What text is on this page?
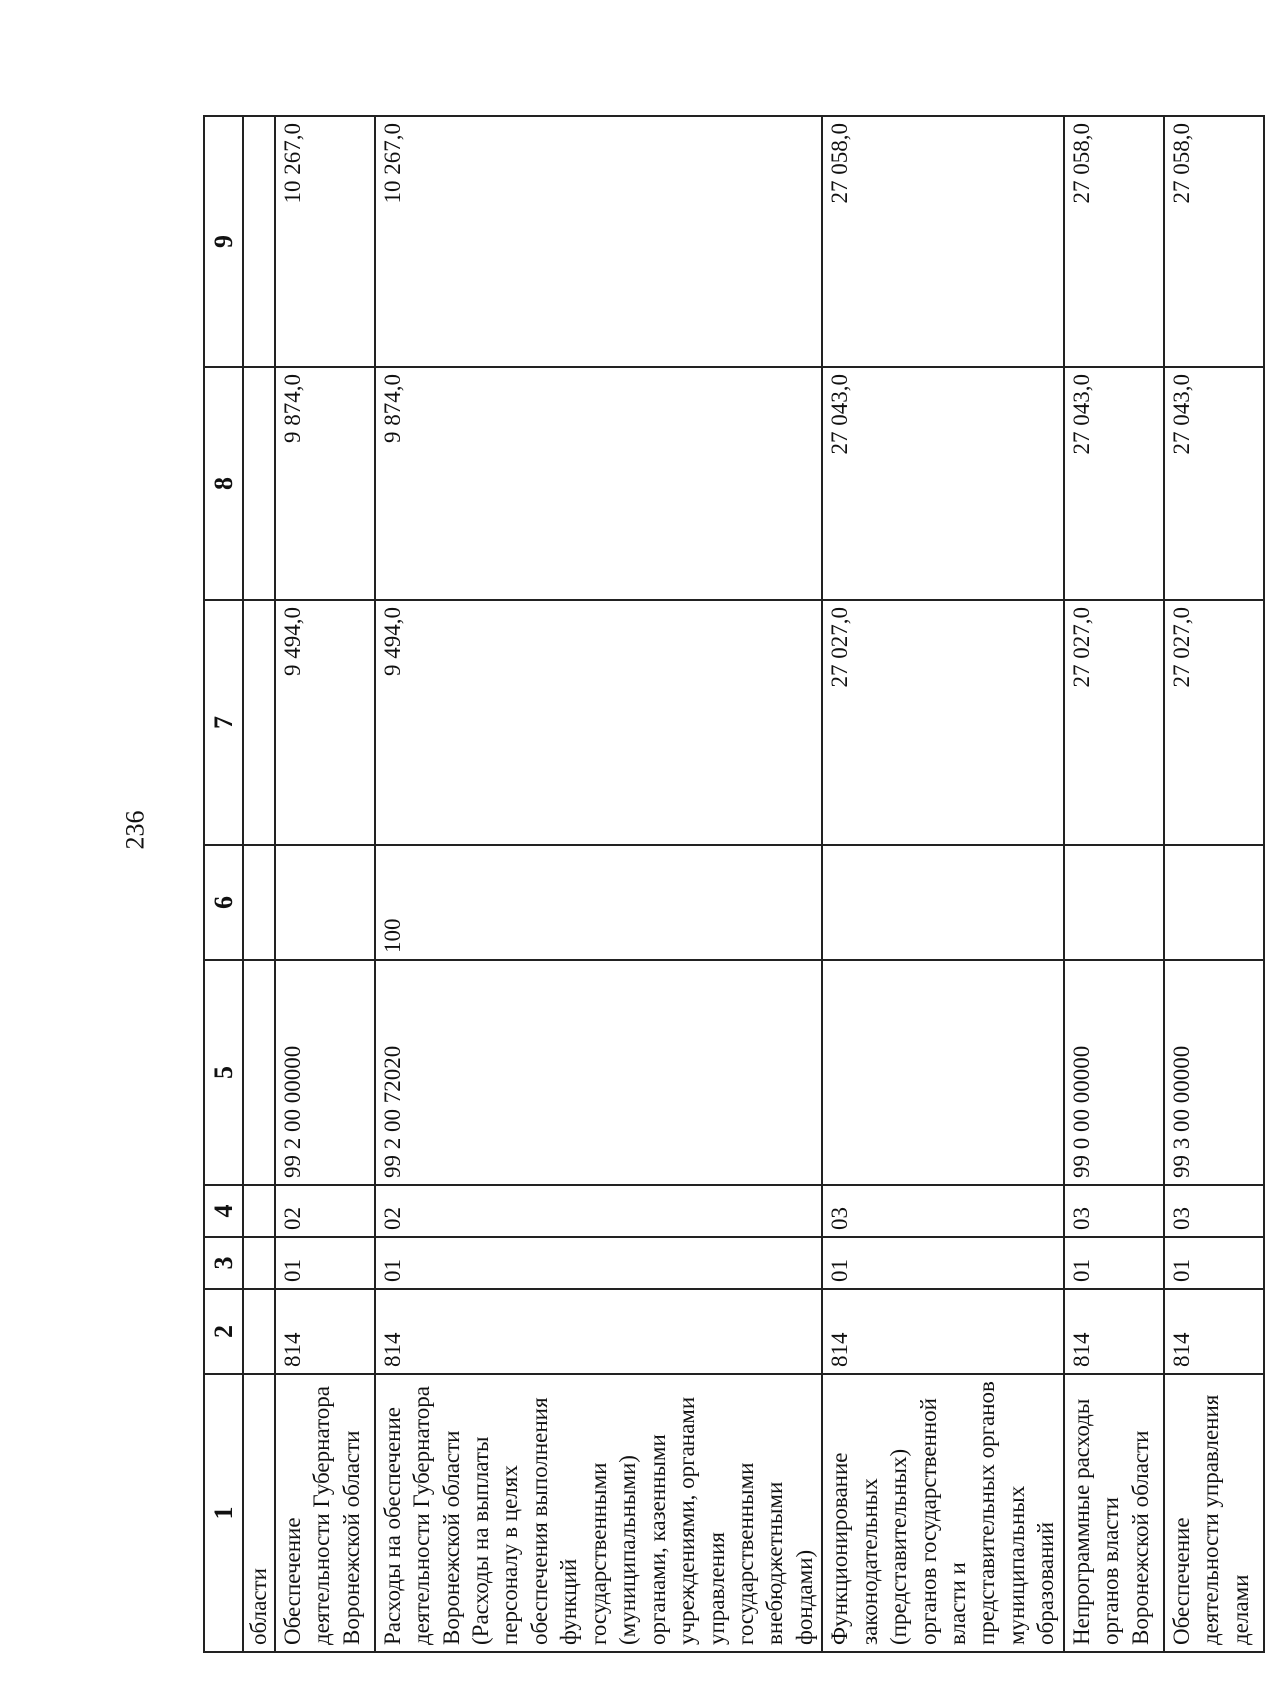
236
1	2	3	4	5	6	7	8	9
области								
Обеспечение деятельности Губернатора Воронежской области	814	01	02	99 2 00 00000		9 494,0	9 874,0	10 267,0
Расходы на обеспечение деятельности Губернатора Воронежской области (Расходы на выплаты персоналу в целях обеспечения выполнения функций государственными (муниципальными) органами, казенными учреждениями, органами управления государственными внебюджетными фондами)	814	01	02	99 2 00 72020	100	9 494,0	9 874,0	10 267,0
Функционирование законодательных (представительных) органов государственной власти и представительных органов муниципальных образований	814	01	03			27 027,0	27 043,0	27 058,0
Непрограммные расходы органов власти Воронежской области	814	01	03	99 0 00 00000		27 027,0	27 043,0	27 058,0
Обеспечение деятельности управления делами	814	01	03	99 3 00 00000		27 027,0	27 043,0	27 058,0
